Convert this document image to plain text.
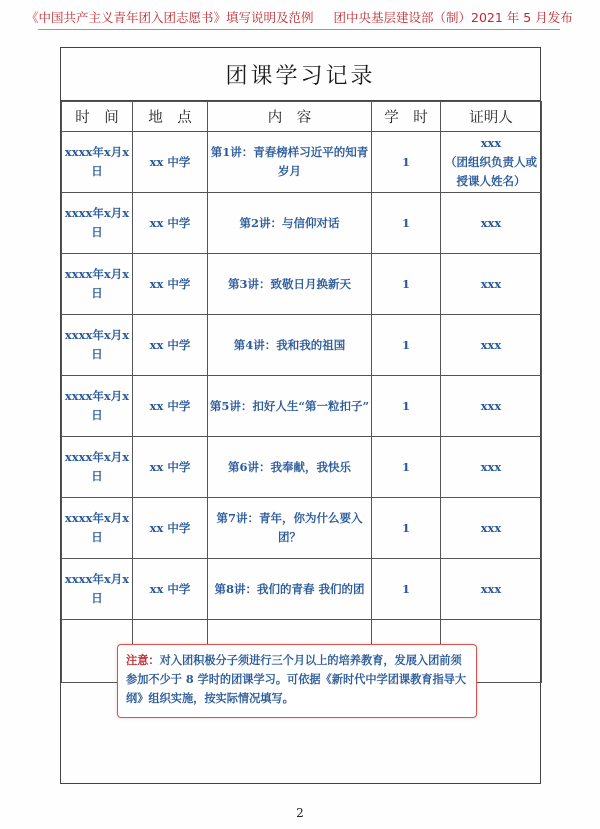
《中国共产主义青年团入团志愿书》填写说明及范例 团中央基层建设部（制）2021 年 5 月发布
团课学习记录
时　间	地　点	内　容	学　时	证明人
xxxx年x月x日	xx 中学	第1讲：青春榜样习近平的知青岁月	1	xxx
（团组织负责人或授课人姓名）

xxxx年x月x日	xx 中学	第2讲：与信仰对话	1	xxx
xxxx年x月x日	xx 中学	第3讲：致敬日月换新天	1	xxx
xxxx年x月x日	xx 中学	第4讲：我和我的祖国	1	xxx
xxxx年x月x日	xx 中学	第5讲：扣好人生“第一粒扣子”	1	xxx
xxxx年x月x日	xx 中学	第6讲：我奉献，我快乐	1	xxx
xxxx年x月x日	xx 中学	第7讲：青年，你为什么要入团？	1	xxx
xxxx年x月x日	xx 中学	第8讲：我们的青春 我们的团	1	xxx

注意：对入团积极分子须进行三个月以上的培养教育，发展入团前须参加不少于 8 学时的团课学习。可依据《新时代中学团课教育指导大纲》组织实施，按实际情况填写。
2
